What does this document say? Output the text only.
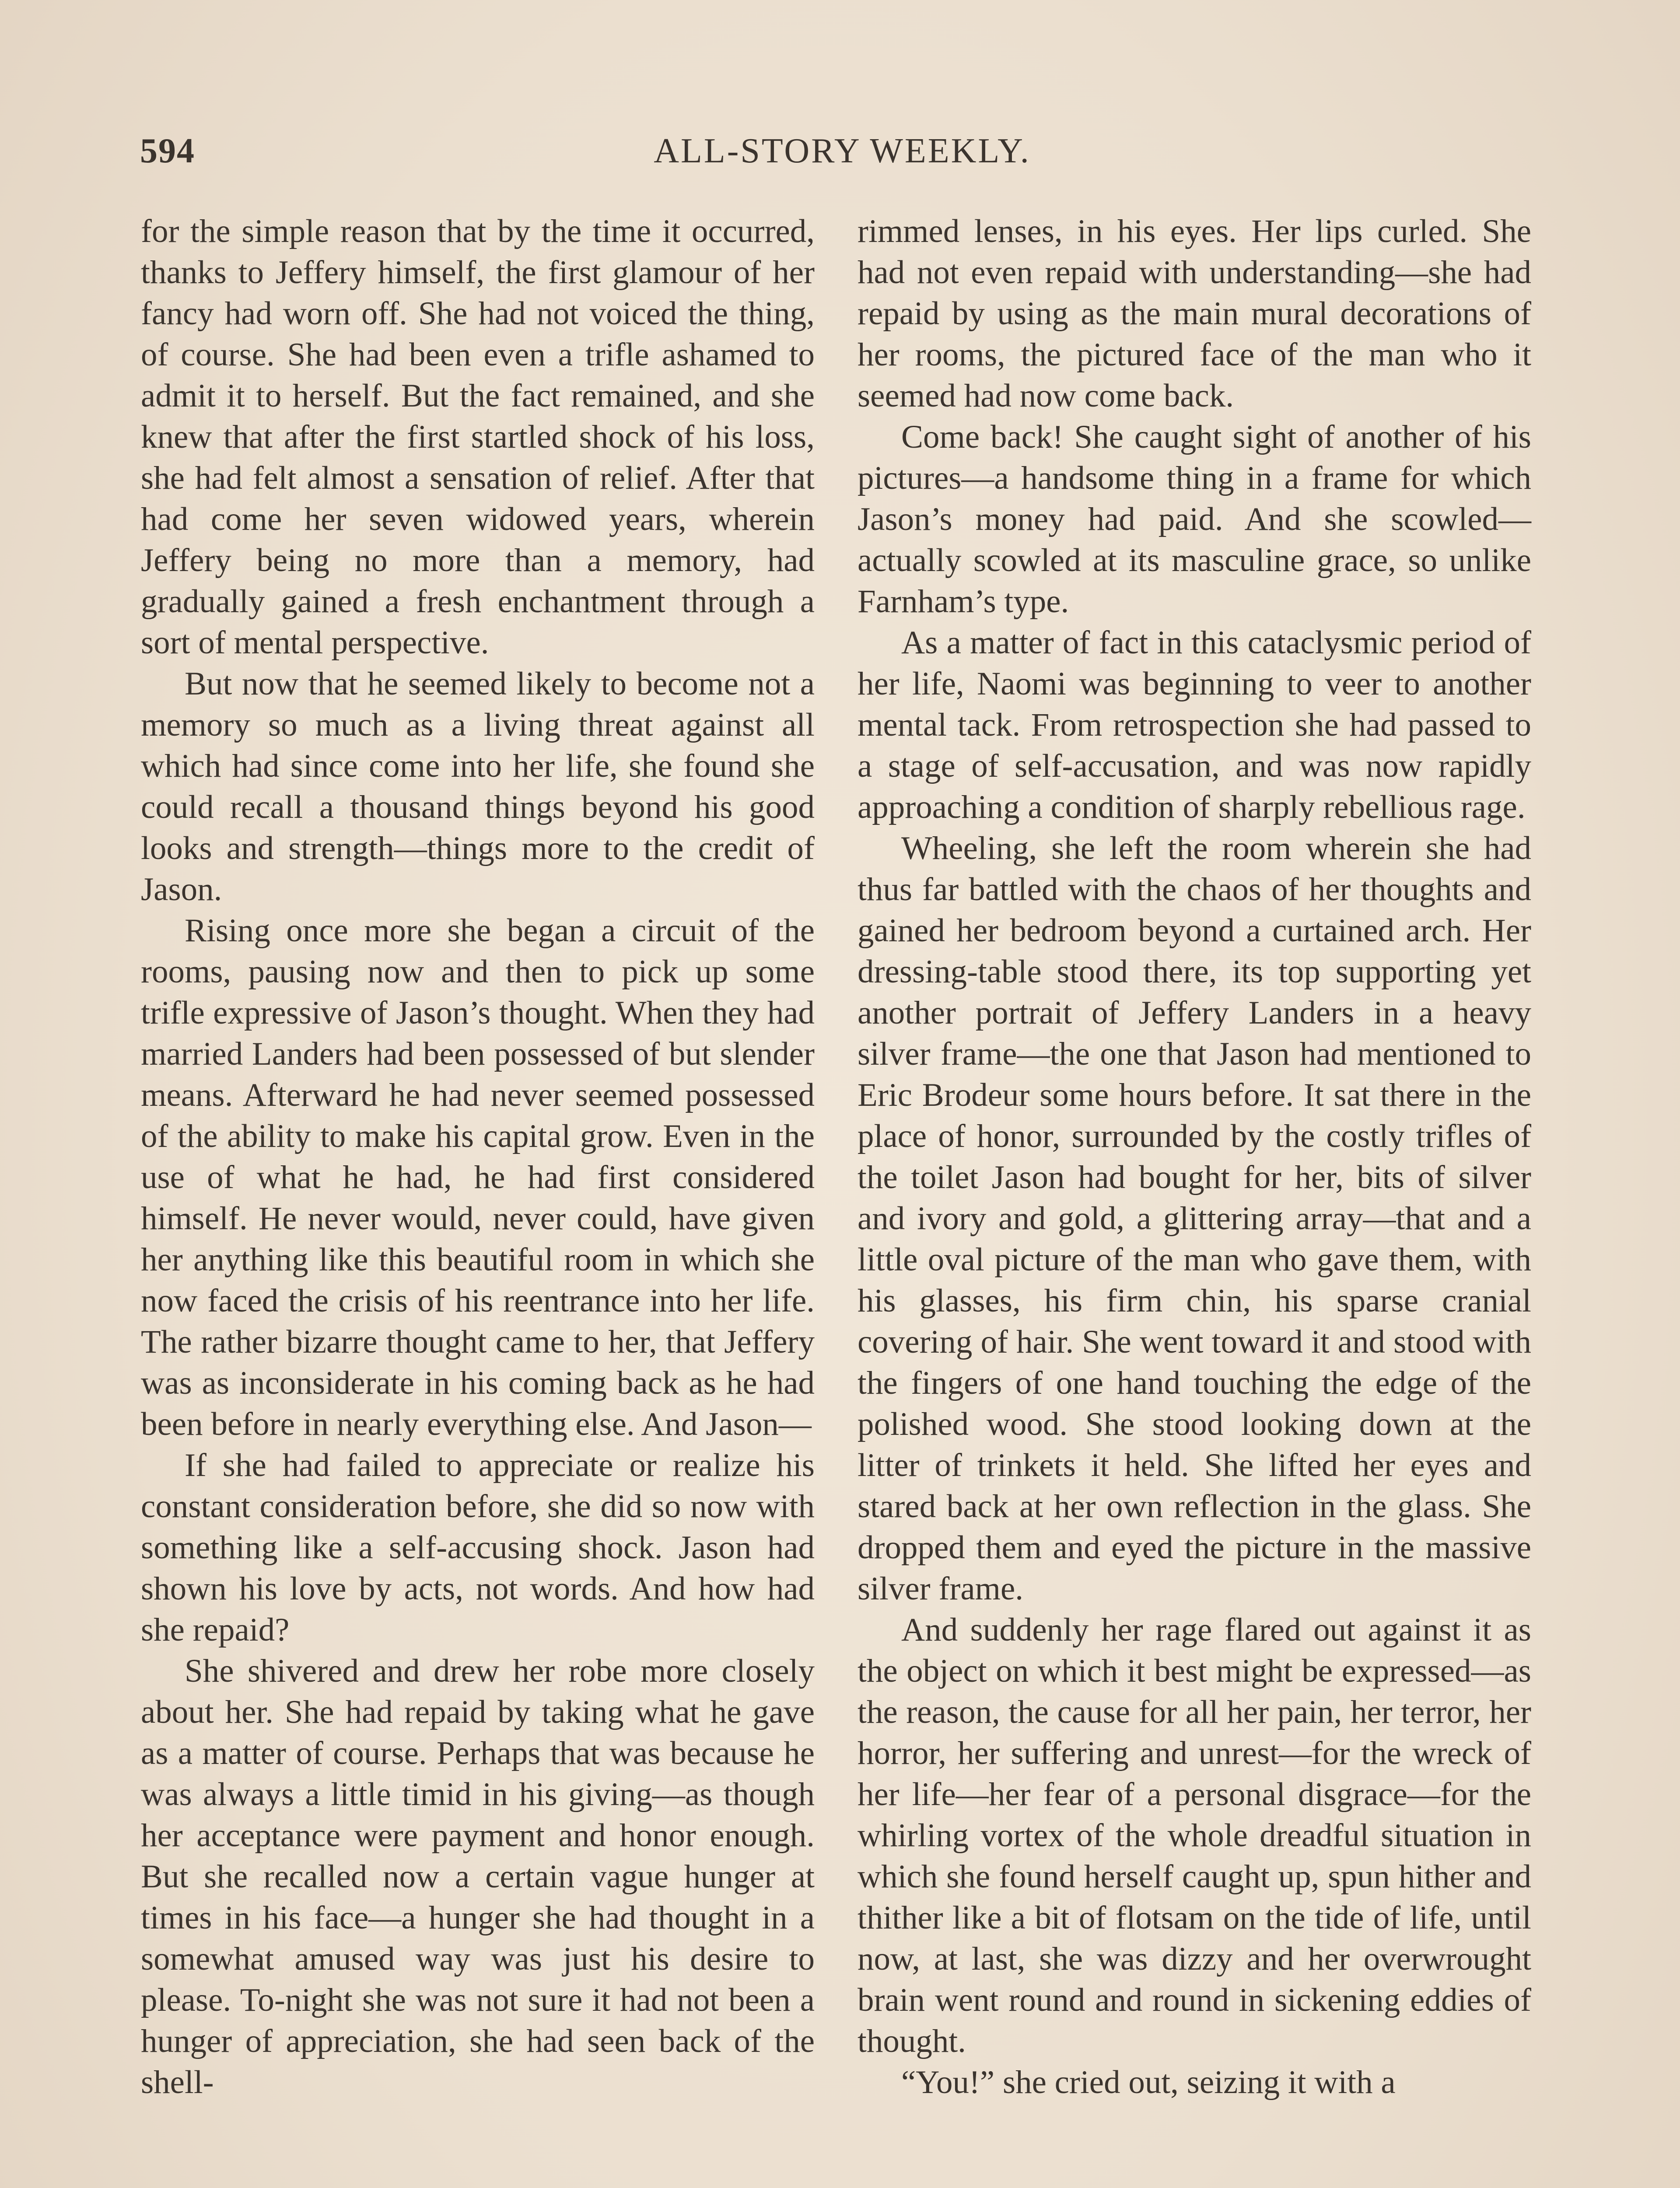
594	ALL-STORY WEEKLY.

for the simple reason that by the time it occurred, thanks to Jeffery himself, the first glamour of her fancy had worn off. She had not voiced the thing, of course. She had been even a trifle ashamed to admit it to herself. But the fact remained, and she knew that after the first startled shock of his loss, she had felt almost a sensation of relief. After that had come her seven widowed years, wherein Jeffery being no more than a memory, had gradually gained a fresh enchantment through a sort of mental perspective.

But now that he seemed likely to become not a memory so much as a living threat against all which had since come into her life, she found she could recall a thousand things beyond his good looks and strength—things more to the credit of Jason.

Rising once more she began a circuit of the rooms, pausing now and then to pick up some trifle expressive of Jason’s thought. When they had married Landers had been possessed of but slender means. Afterward he had never seemed possessed of the ability to make his capital grow. Even in the use of what he had, he had first considered himself. He never would, never could, have given her anything like this beautiful room in which she now faced the crisis of his reentrance into her life. The rather bizarre thought came to her, that Jeffery was as inconsiderate in his coming back as he had been before in nearly everything else. And Jason—

If she had failed to appreciate or realize his constant consideration before, she did so now with something like a self-accusing shock. Jason had shown his love by acts, not words. And how had she repaid?

She shivered and drew her robe more closely about her. She had repaid by taking what he gave as a matter of course. Perhaps that was because he was always a little timid in his giving—as though her acceptance were payment and honor enough. But she recalled now a certain vague hunger at times in his face—a hunger she had thought in a somewhat amused way was just his desire to please. To-night she was not sure it had not been a hunger of appreciation, she had seen back of the shell-

rimmed lenses, in his eyes. Her lips curled. She had not even repaid with understanding—she had repaid by using as the main mural decorations of her rooms, the pictured face of the man who it seemed had now come back.

Come back! She caught sight of another of his pictures—a handsome thing in a frame for which Jason’s money had paid. And she scowled—actually scowled at its masculine grace, so unlike Farnham’s type.

As a matter of fact in this cataclysmic period of her life, Naomi was beginning to veer to another mental tack. From retrospection she had passed to a stage of self-accusation, and was now rapidly approaching a condition of sharply rebellious rage.

Wheeling, she left the room wherein she had thus far battled with the chaos of her thoughts and gained her bedroom beyond a curtained arch. Her dressing-table stood there, its top supporting yet another portrait of Jeffery Landers in a heavy silver frame—the one that Jason had mentioned to Eric Brodeur some hours before. It sat there in the place of honor, surrounded by the costly trifles of the toilet Jason had bought for her, bits of silver and ivory and gold, a glittering array—that and a little oval picture of the man who gave them, with his glasses, his firm chin, his sparse cranial covering of hair. She went toward it and stood with the fingers of one hand touching the edge of the polished wood. She stood looking down at the litter of trinkets it held. She lifted her eyes and stared back at her own reflection in the glass. She dropped them and eyed the picture in the massive silver frame.

And suddenly her rage flared out against it as the object on which it best might be expressed—as the reason, the cause for all her pain, her terror, her horror, her suffering and unrest—for the wreck of her life—her fear of a personal disgrace—for the whirling vortex of the whole dreadful situation in which she found herself caught up, spun hither and thither like a bit of flotsam on the tide of life, until now, at last, she was dizzy and her overwrought brain went round and round in sickening eddies of thought.

“You!” she cried out, seizing it with a
